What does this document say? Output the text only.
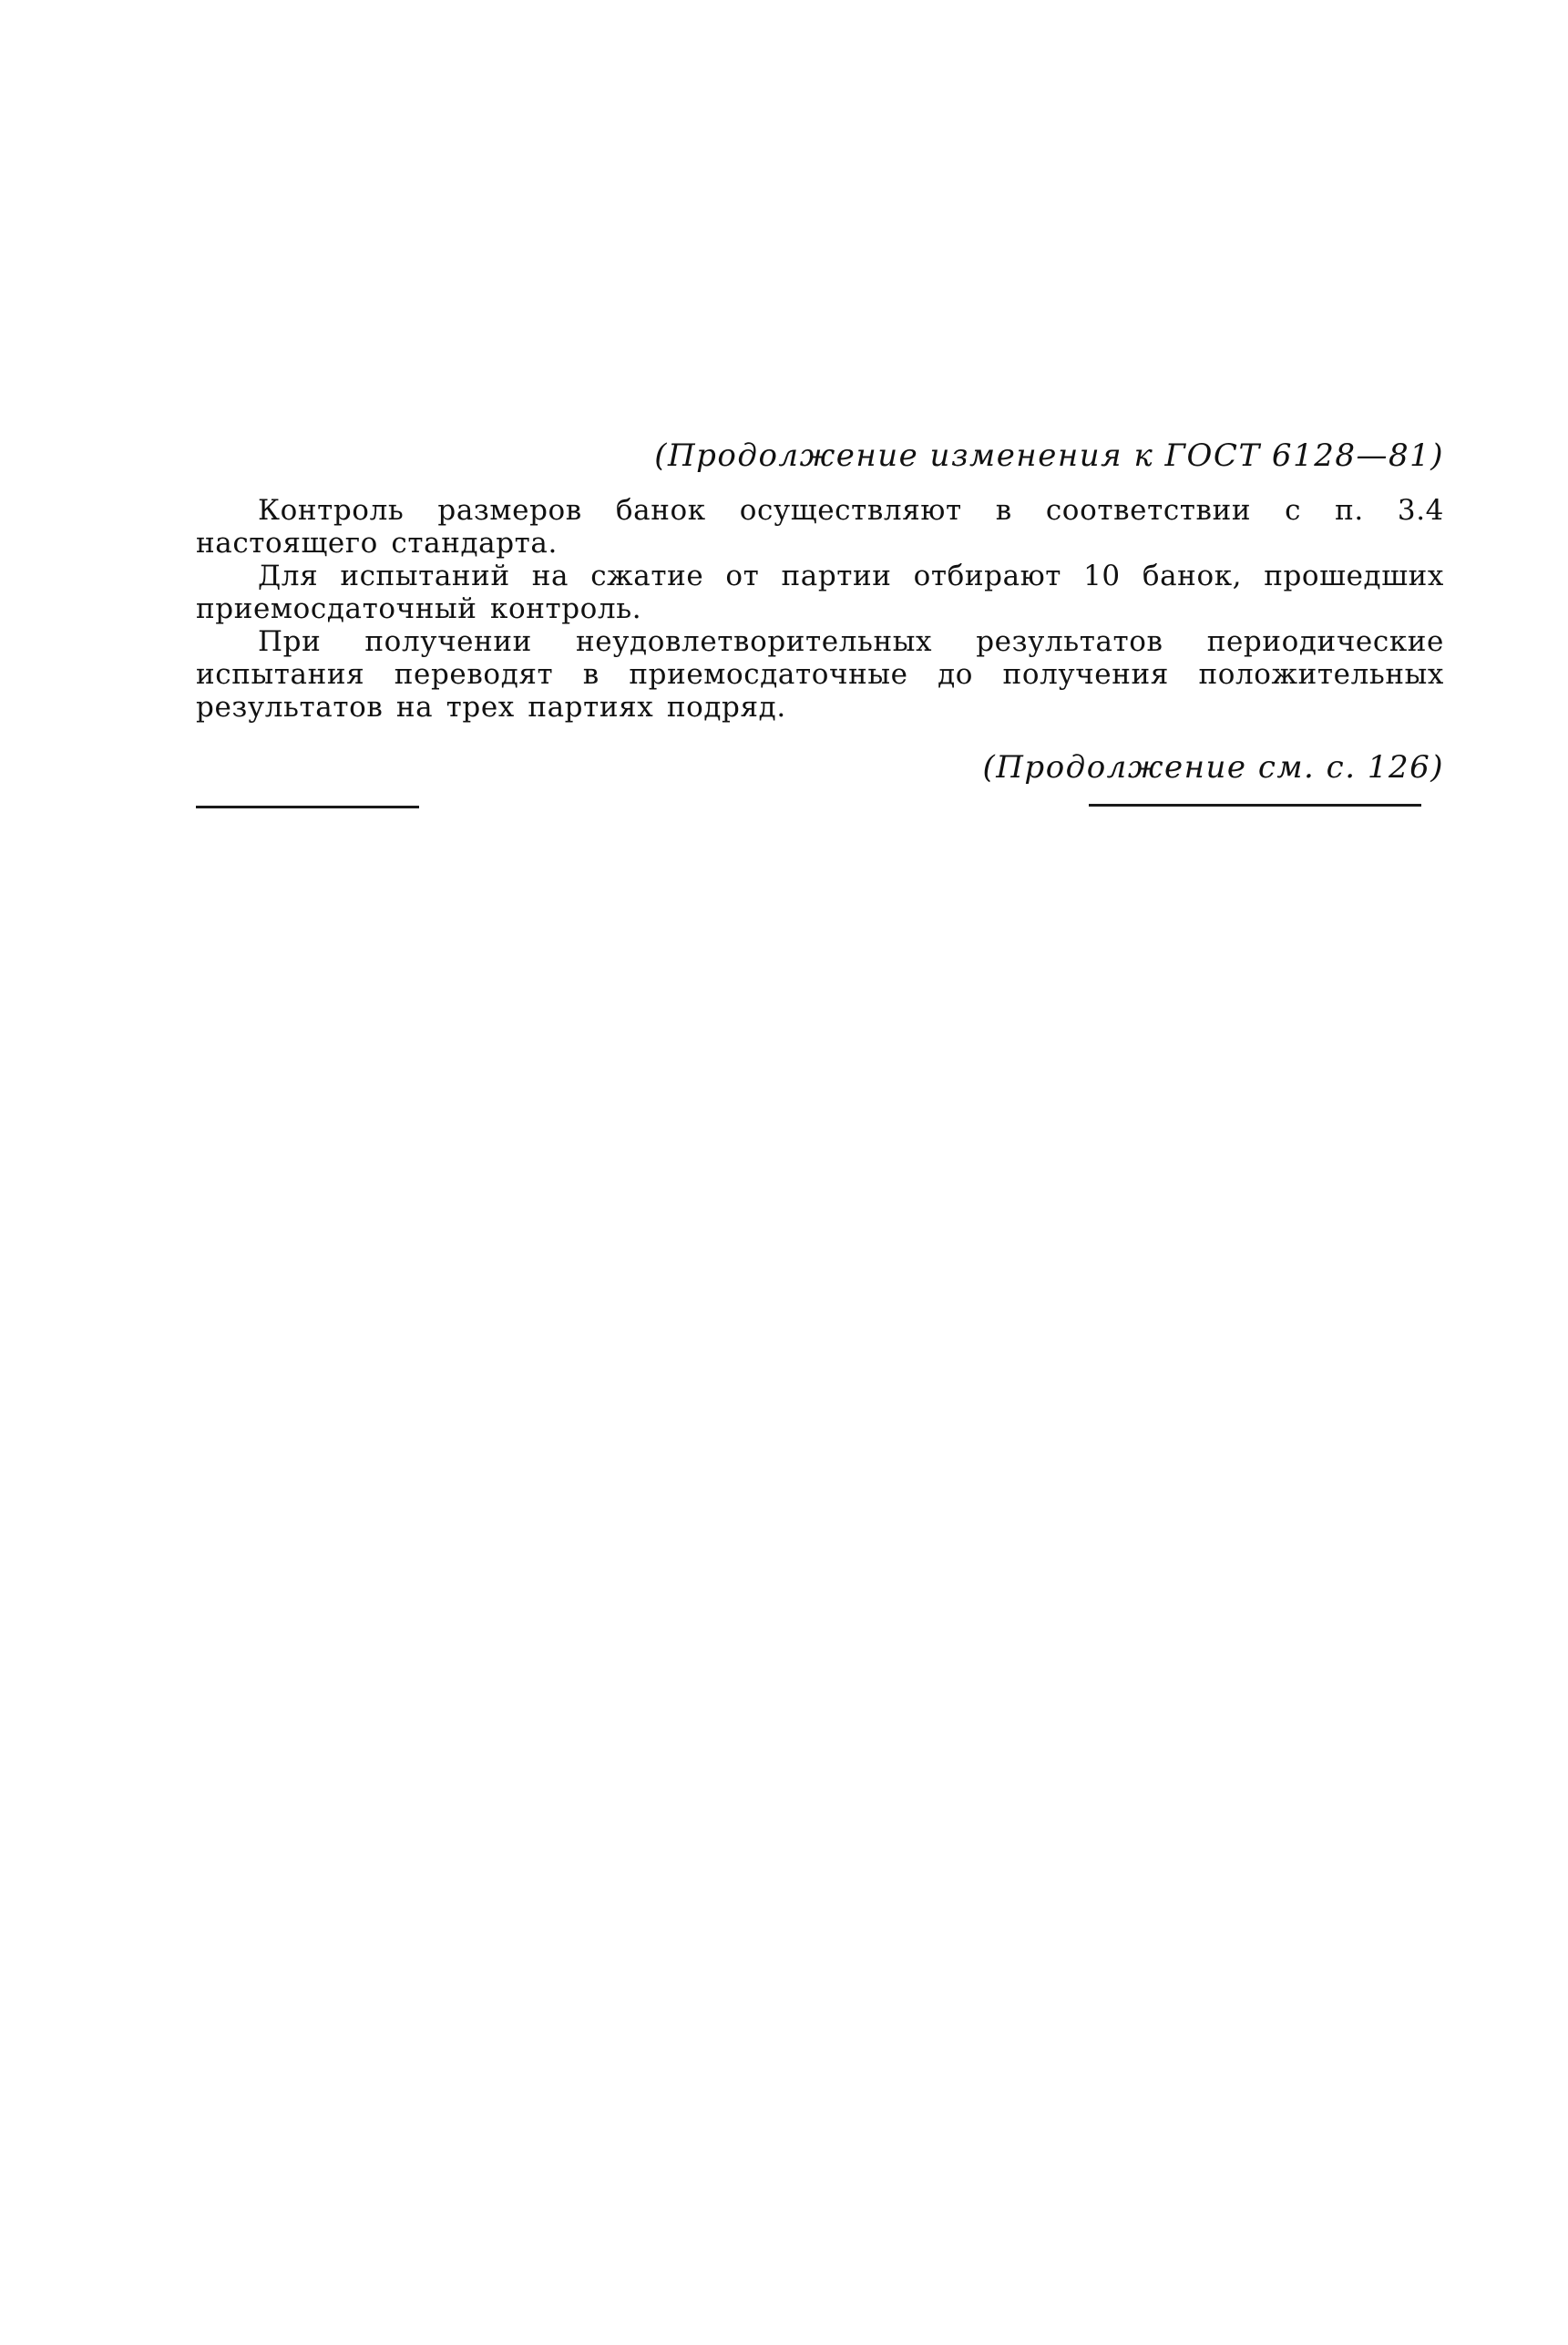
(Продолжение изменения к ГОСТ 6128—81)

Контроль размеров банок осуществляют в соответствии с п. 3.4 настоящего стандарта.

Для испытаний на сжатие от партии отбирают 10 банок, прошедших приемосдаточный контроль.

При получении неудовлетворительных результатов периодические испытания переводят в приемосдаточные до получения положительных результатов на трех партиях подряд.

(Продолжение см. с. 126)
